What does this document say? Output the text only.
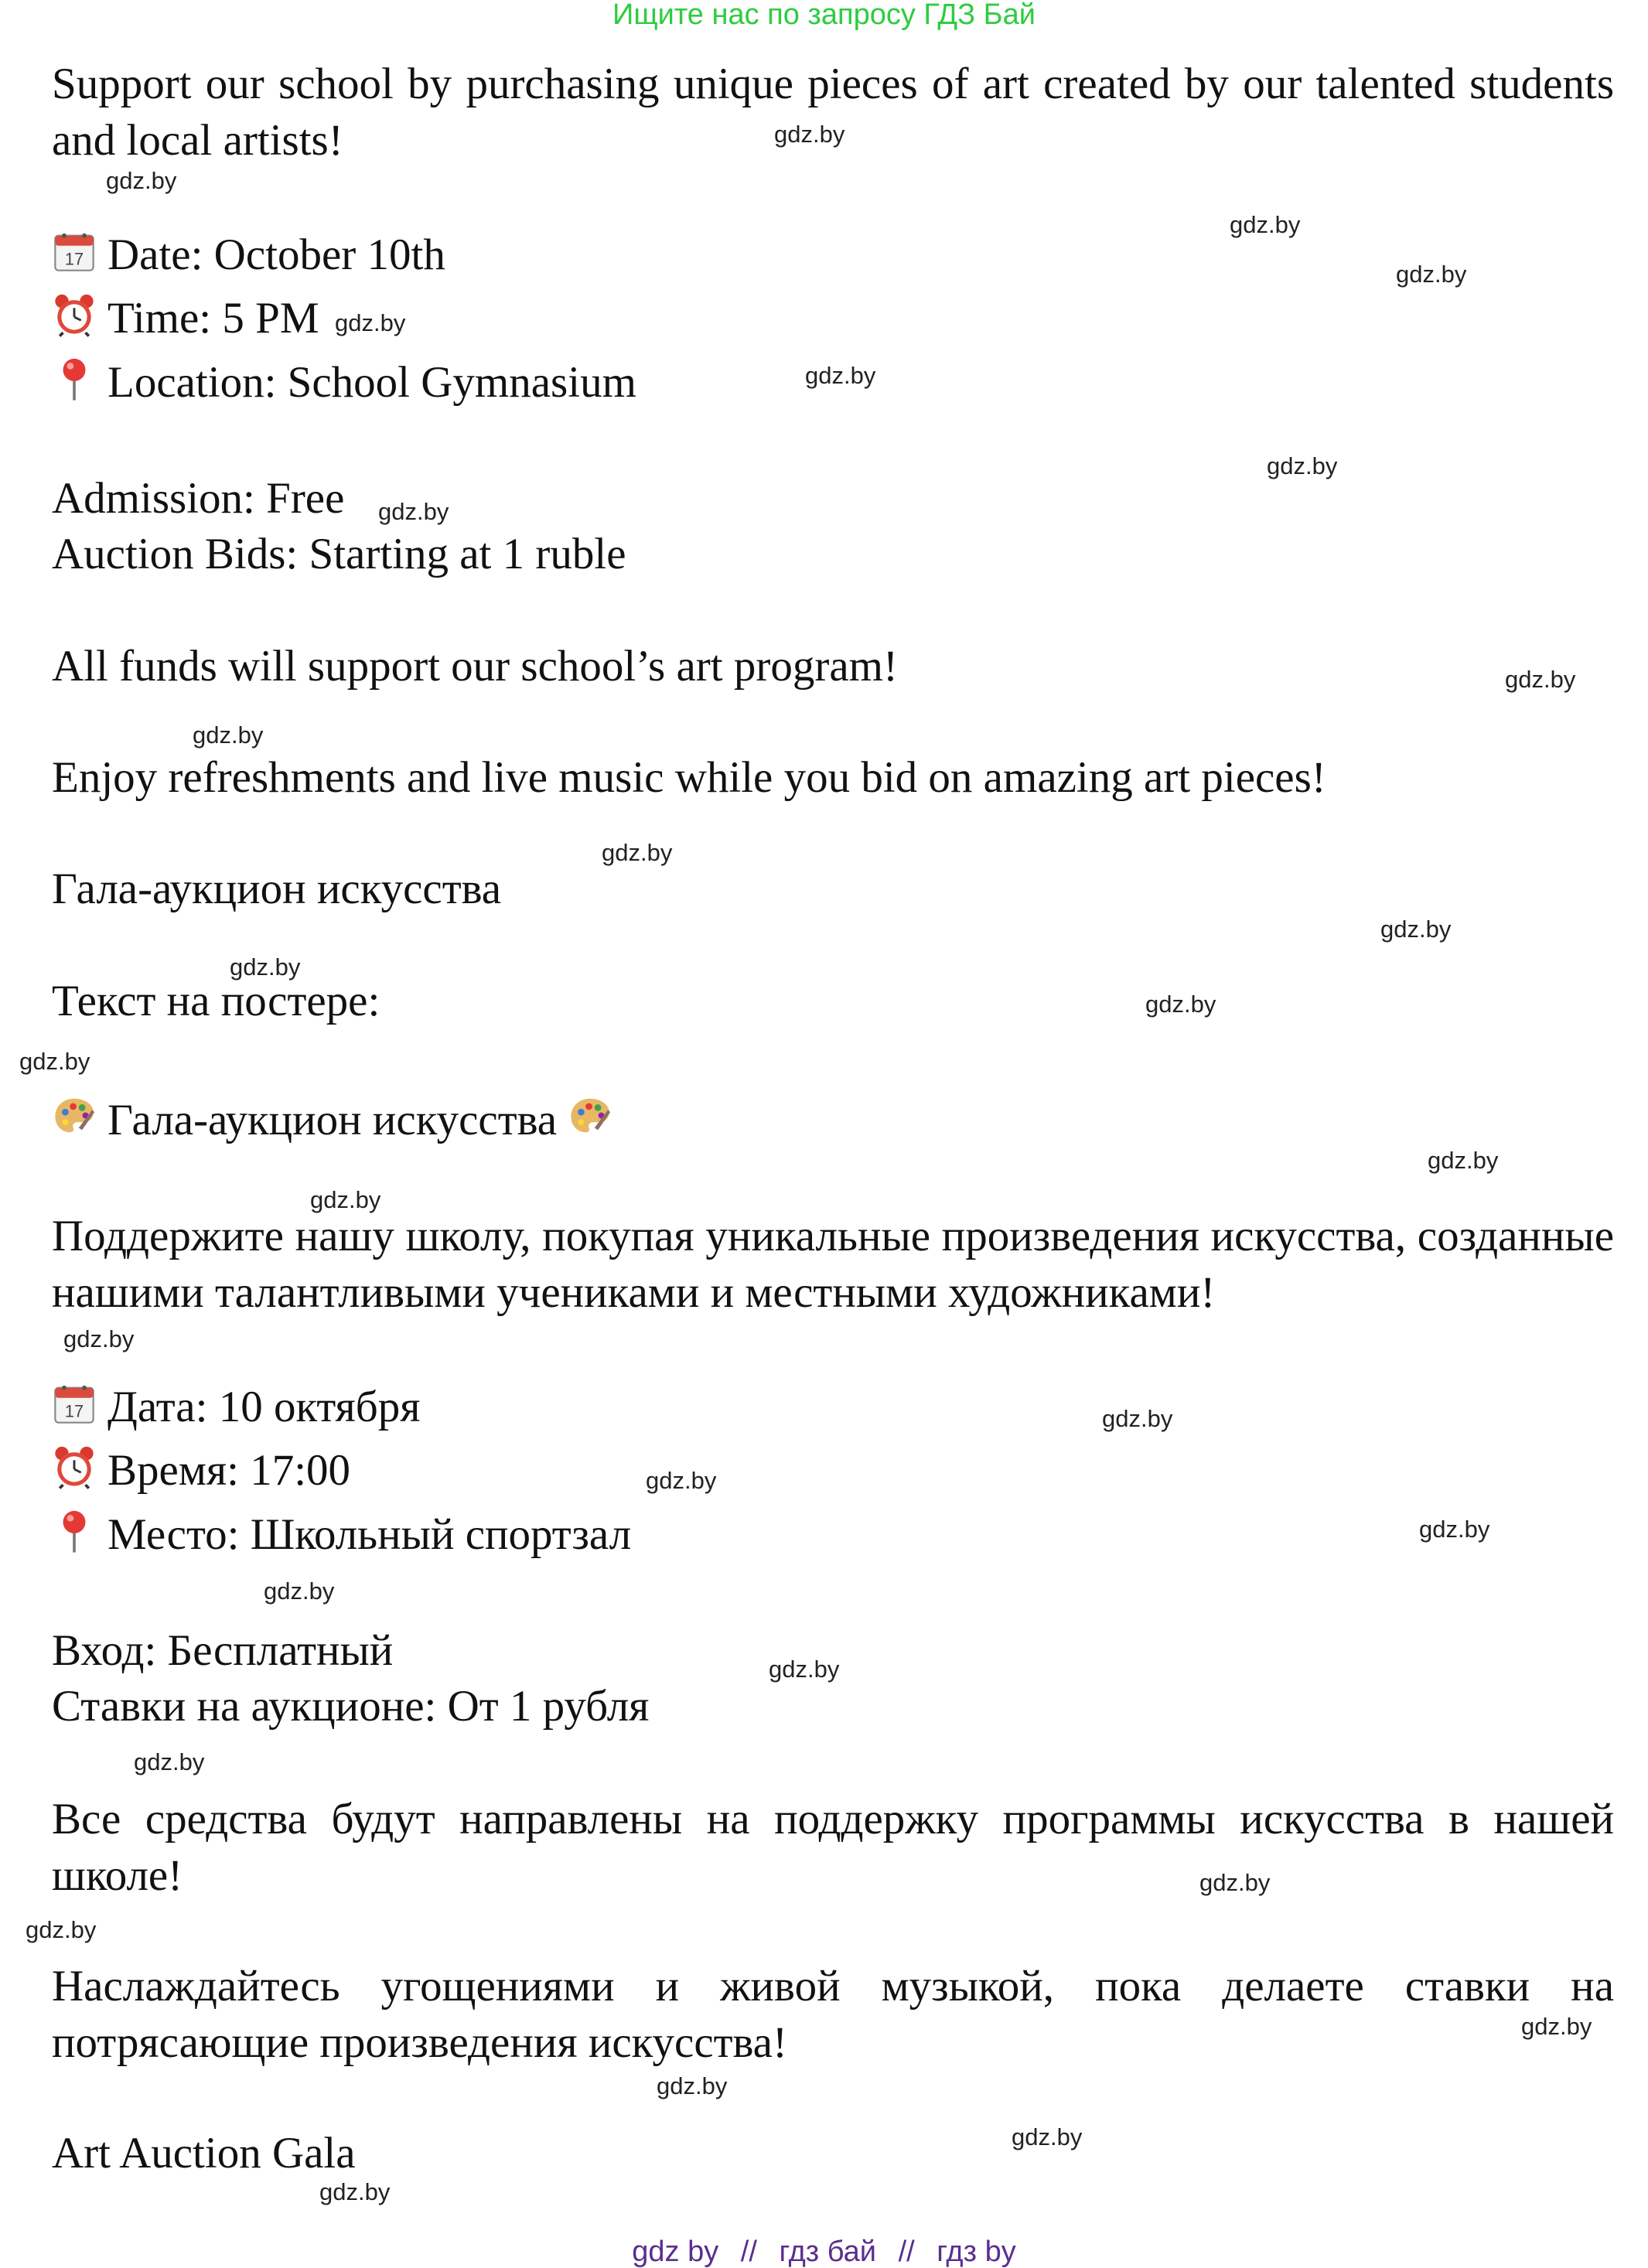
Ищите нас по запросу ГДЗ Бай
Support our school by purchasing unique pieces of art created by our talented students and local artists!
17 Date: October 10th
Time: 5 PM
Location: School Gymnasium
Admission: Free
Auction Bids: Starting at 1 ruble
All funds will support our school’s art program!
Enjoy refreshments and live music while you bid on amazing art pieces!
Гала-аукцион искусства
Текст на постере:
Гала-аукцион искусства
Поддержите нашу школу, покупая уникальные произведения искусства, созданные нашими талантливыми учениками и местными художниками!
17 Дата: 10 октября
Время: 17:00
Место: Школьный спортзал
Вход: Бесплатный
Ставки на аукционе: От 1 рубля
Все средства будут направлены на поддержку программы искусства в нашей школе!
Наслаждайтесь угощениями и живой музыкой, пока делаете ставки на потрясающие произведения искусства!
Art Auction Gala
gdz.by
gdz.by
gdz.by
gdz.by
gdz.by
gdz.by
gdz.by
gdz.by
gdz.by
gdz.by
gdz.by
gdz.by
gdz.by
gdz.by
gdz.by
gdz.by
gdz.by
gdz.by
gdz.by
gdz.by
gdz.by
gdz.by
gdz.by
gdz.by
gdz.by
gdz.by
gdz.by
gdz.by
gdz.by
gdz.by
gdz by // гдз бай // гдз by
